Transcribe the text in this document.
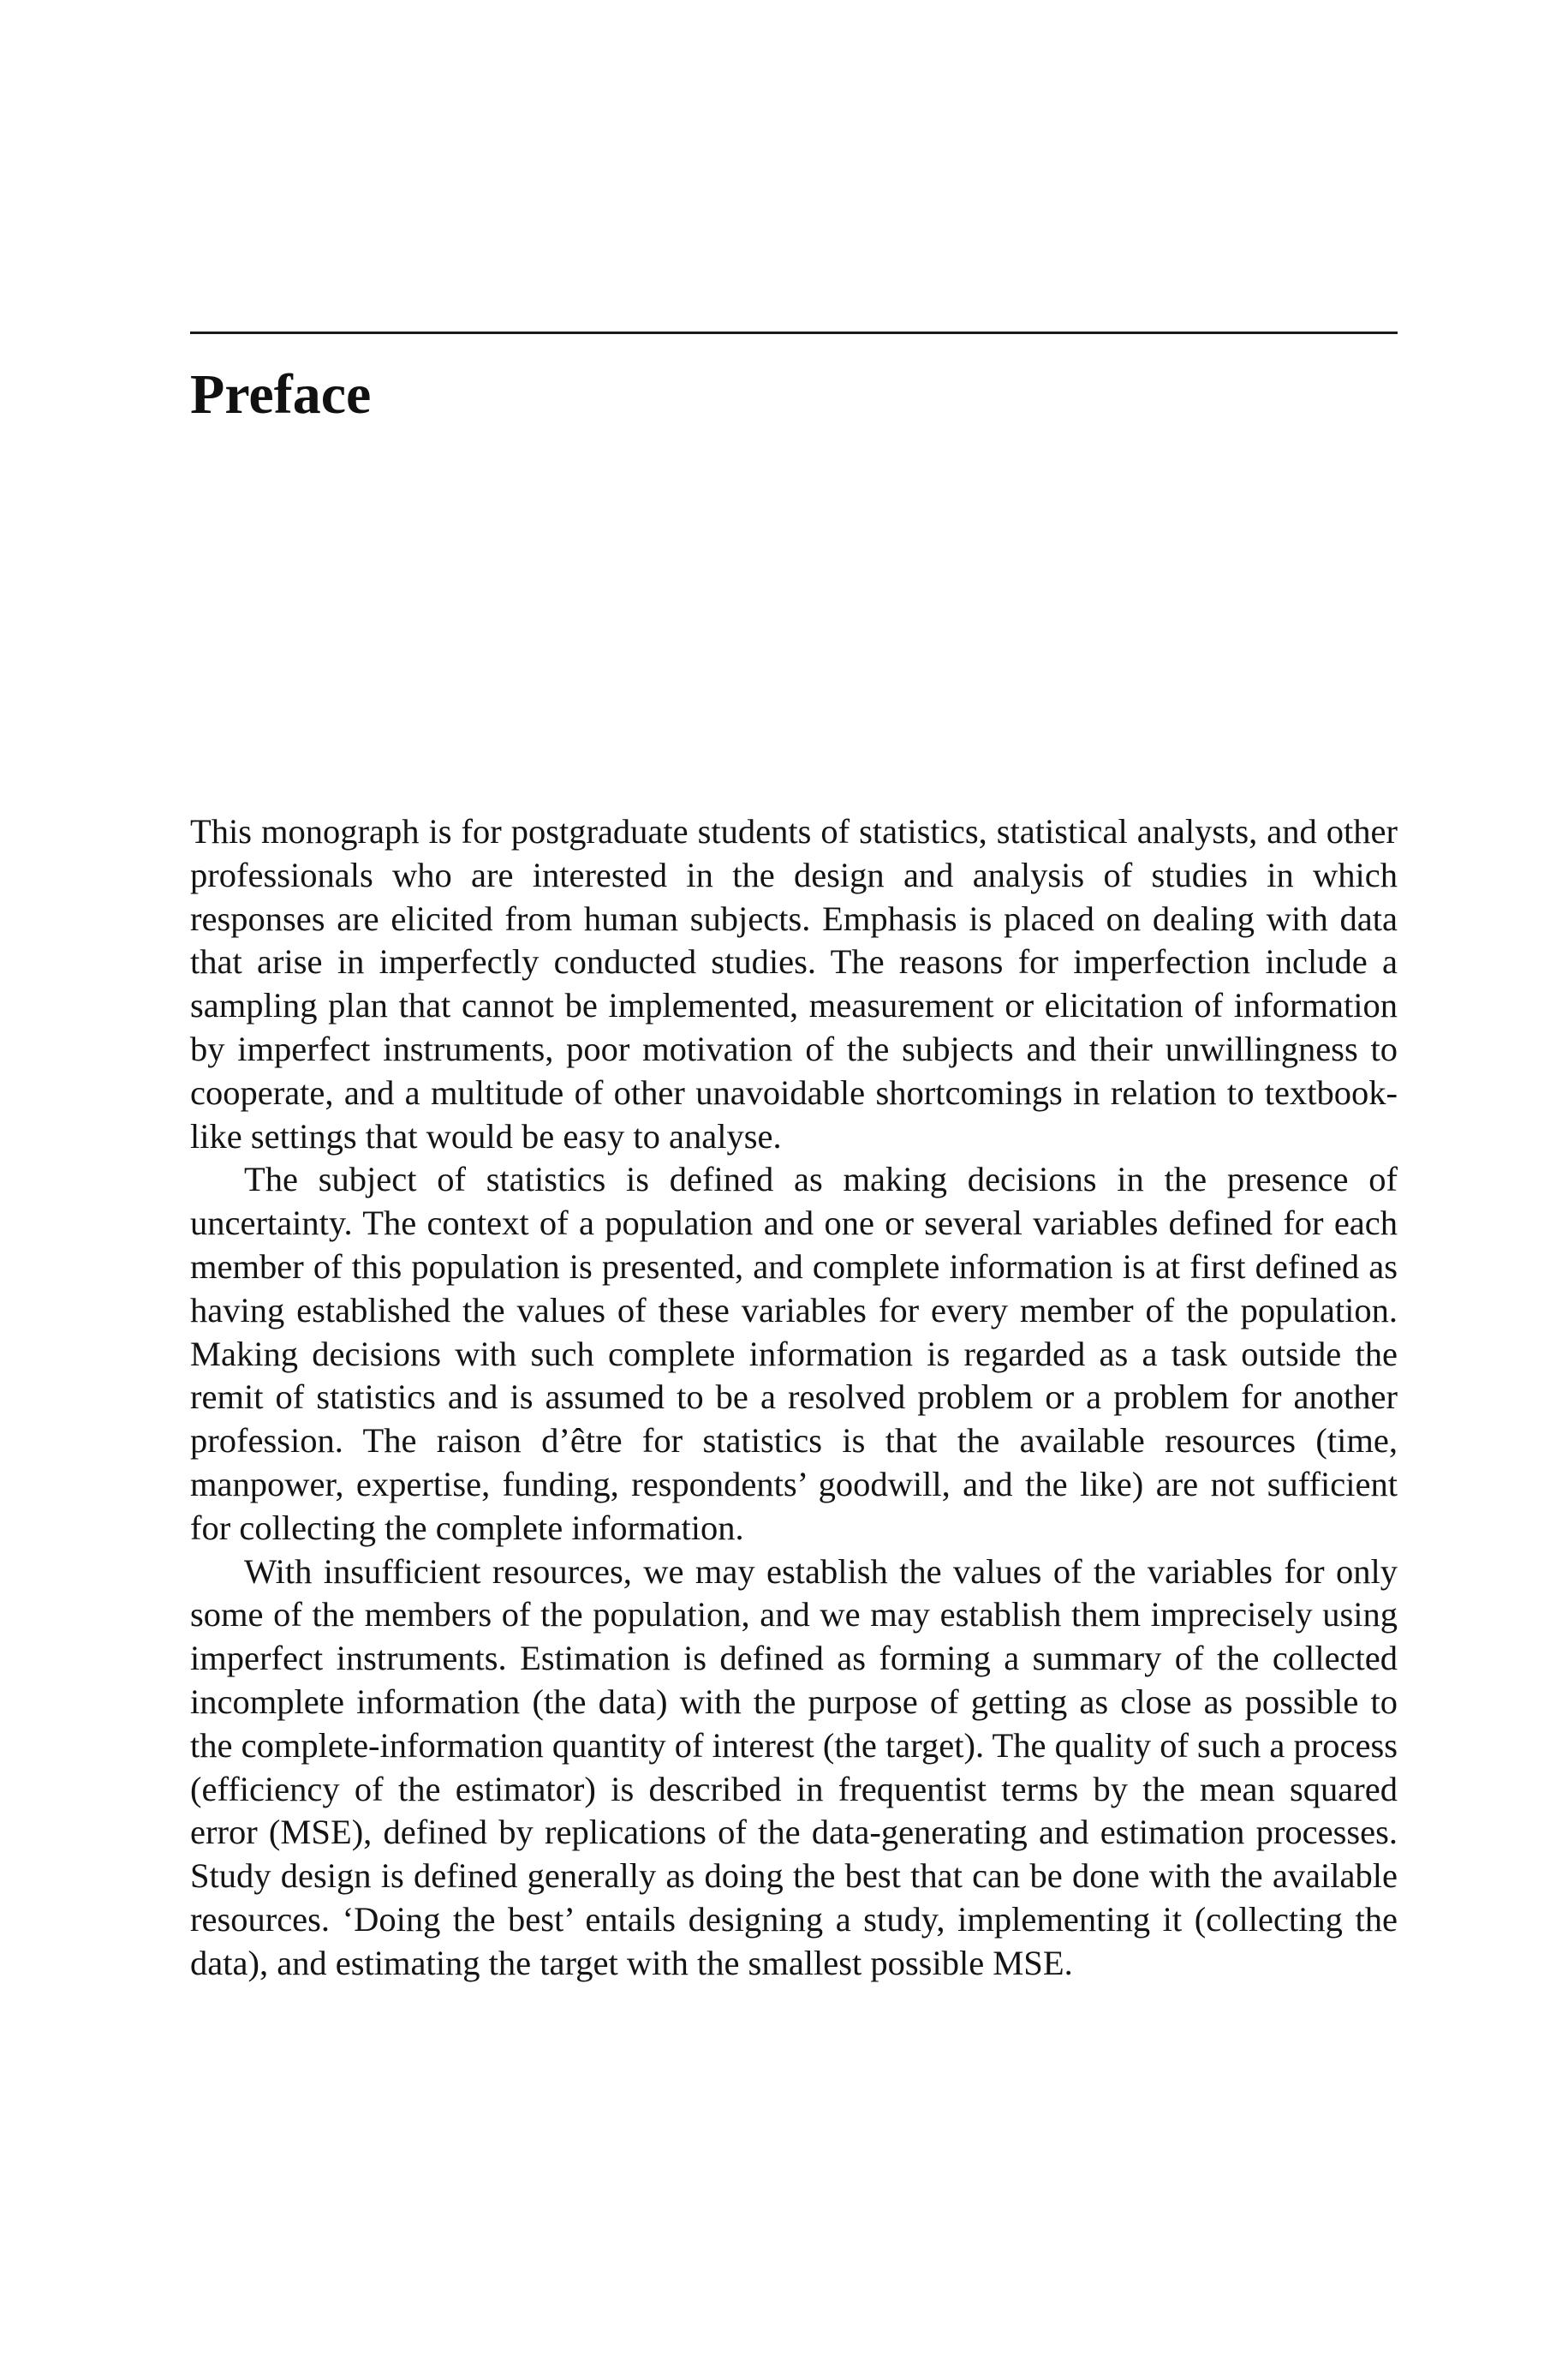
Preface

This monograph is for postgraduate students of statistics, statistical analysts, and other professionals who are interested in the design and analysis of studies in which responses are elicited from human subjects. Emphasis is placed on dealing with data that arise in imperfectly conducted studies. The reasons for imperfection include a sampling plan that cannot be implemented, measurement or elicitation of information by imperfect instruments, poor motivation of the subjects and their unwillingness to cooperate, and a multitude of other unavoidable shortcomings in relation to textbook-like settings that would be easy to analyse.

The subject of statistics is defined as making decisions in the presence of uncertainty. The context of a population and one or several variables defined for each member of this population is presented, and complete information is at first defined as having established the values of these variables for every member of the population. Making decisions with such complete information is regarded as a task outside the remit of statistics and is assumed to be a resolved problem or a problem for another profession. The raison d’être for statistics is that the available resources (time, manpower, expertise, funding, respondents’ goodwill, and the like) are not sufficient for collecting the complete information.

With insufficient resources, we may establish the values of the variables for only some of the members of the population, and we may establish them imprecisely using imperfect instruments. Estimation is defined as forming a summary of the collected incomplete information (the data) with the purpose of getting as close as possible to the complete-information quantity of interest (the target). The quality of such a process (efficiency of the estimator) is described in frequentist terms by the mean squared error (MSE), defined by replications of the data-generating and estimation processes. Study design is defined generally as doing the best that can be done with the available resources. ‘Doing the best’ entails designing a study, implementing it (collecting the data), and estimating the target with the smallest possible MSE.
